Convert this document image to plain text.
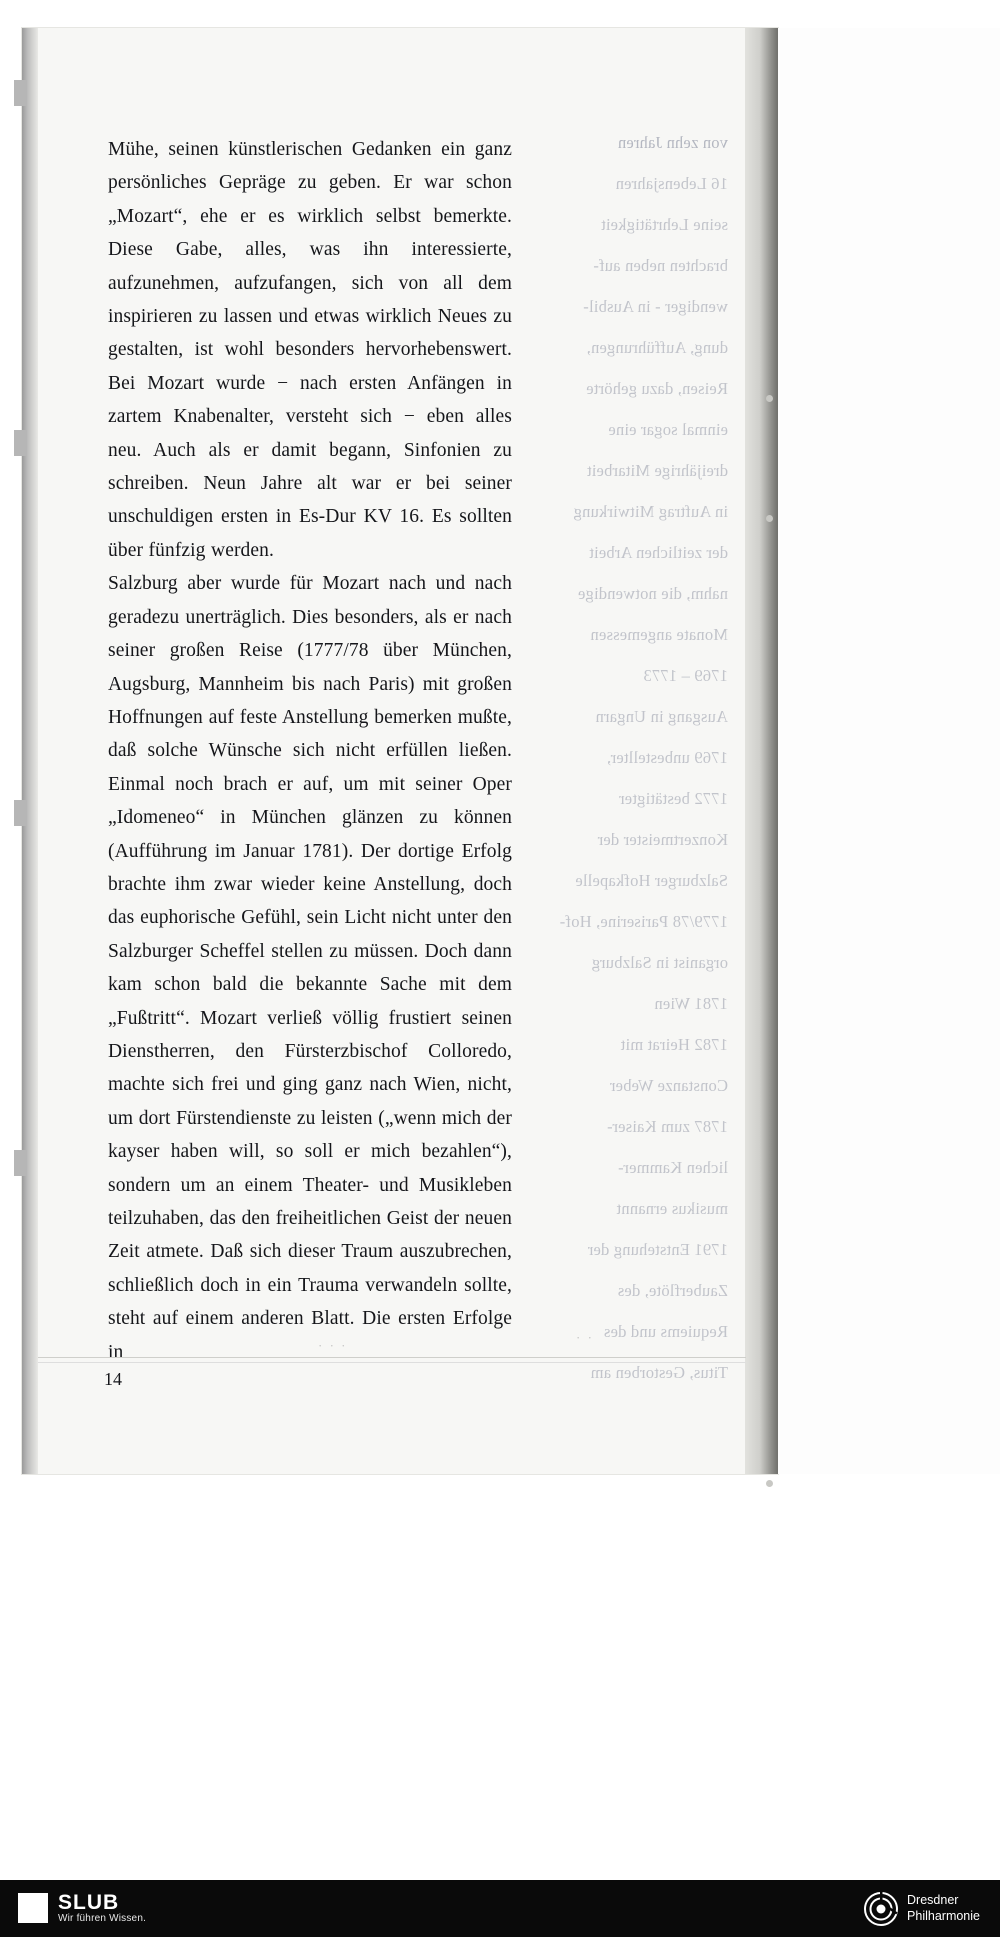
von zehn Jahren

16 Lebensjahren

seine Lehrtätigkeit

brachten neben auf-

wendiger - in Ausbil-

dung, Aufführungen,

Reisen, dazu gehörte

einmal sogar eine

dreijährige Mitarbeit

in Auftrag Mitwirkung

der zeitlichen Arbeit

nahm, die notwendige

Monate angemessen

1769 – 1773

Ausgang in Ungarn

1769 unbestellter,

1772 bestätigter

Konzertmeister der

Salzburger Hofkapelle

1779/78 Pariserine, Hof-

organist in Salzburg

1781 Wien

1782 Heirat mit

Constanze Weber

1787 zum Kaiser-

lichen Kammer-

musikus ernannt

1791 Entstehung der

Zauberflöte, des

Requiems und des

Titus, Gestorben am

Mühe, seinen künstlerischen Gedanken ein ganz persönliches Gepräge zu geben. Er war schon „Mozart“, ehe er es wirklich selbst bemerkte. Diese Gabe, alles, was ihn interessierte, aufzunehmen, aufzufangen, sich von all dem inspirieren zu lassen und etwas wirklich Neues zu gestalten, ist wohl besonders hervorhebenswert. Bei Mozart wurde − nach ersten Anfängen in zartem Knabenalter, versteht sich − eben alles neu. Auch als er damit begann, Sinfonien zu schreiben. Neun Jahre alt war er bei seiner unschuldigen ersten in Es-Dur KV 16. Es sollten über fünfzig werden.

Salzburg aber wurde für Mozart nach und nach geradezu unerträglich. Dies besonders, als er nach seiner großen Reise (1777/78 über München, Augsburg, Mannheim bis nach Paris) mit großen Hoffnungen auf feste Anstellung bemerken mußte, daß solche Wünsche sich nicht erfüllen ließen. Einmal noch brach er auf, um mit seiner Oper „Idomeneo“ in München glänzen zu können (Aufführung im Januar 1781). Der dortige Erfolg brachte ihm zwar wieder keine Anstellung, doch das euphorische Gefühl, sein Licht nicht unter den Salzburger Scheffel stellen zu müssen. Doch dann kam schon bald die bekannte Sache mit dem „Fußtritt“. Mozart verließ völlig frustiert seinen Dienstherren, den Fürsterzbischof Colloredo, machte sich frei und ging ganz nach Wien, nicht, um dort Fürstendienste zu leisten („wenn mich der kayser haben will, so soll er mich bezahlen“), sondern um an einem Theater- und Musikleben teilzuhaben, das den freiheitlichen Geist der neuen Zeit atmete. Daß sich dieser Traum auszubrechen, schließlich doch in ein Trauma verwandeln sollte, steht auf einem anderen Blatt. Die ersten Erfolge in	· · ·
· ·
14
SLUB
Wir führen Wissen.
Dresdner
Philharmonie
